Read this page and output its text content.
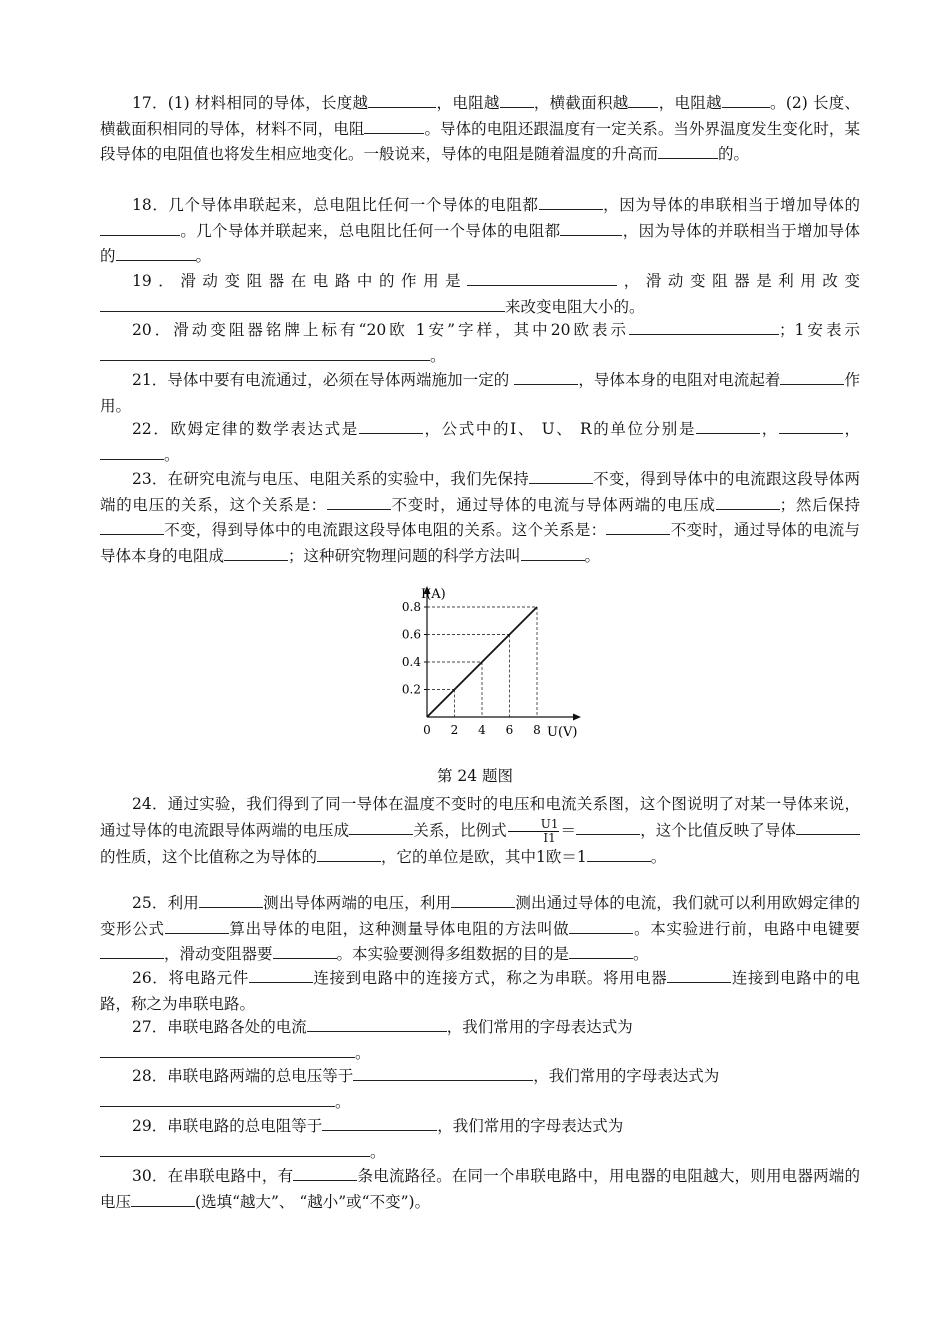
17．(1) 材料相同的导体，长度越	，电阻越 ，横截面积越 ，电阻越	。(2) 长度、横截面积相同的导体，材料不同，电阻	。导体的电阻还跟温度有一定关系。当外界温度发生变化时，某段导体的电阻值也将发生相应地变化。一般说来，导体的电阻是随着温度的升高而	的。
18．几个导体串联起来，总电阻比任何一个导体的电阻都	，因为导体的串联相当于增加导体的。几个导体并联起来，总电阻比任何一个导体的电阻都	，因为导体的并联相当于增加导体的	。
19．滑动变阻器在电路中的作用是	，滑动变阻器是利用改变来改变电阻大小的。
20．滑动变阻器铭牌上标有“20欧 1安”字样，其中20欧表示	；1安表示。
21．导体中要有电流通过，必须在导体两端施加一定的	，导体本身的电阻对电流起着	作用。
22．欧姆定律的数学表达式是	，公式中的I、 U、 R的单位分别是	，	，。
23．在研究电流与电压、电阻关系的实验中，我们先保持	不变，得到导体中的电流跟这段导体两端的电压的关系，这个关系是：	不变时，通过导体的电流与导体两端的电压成	；然后保持不变，得到导体中的电流跟这段导体电阻的关系。这个关系是：	不变时，通过导体的电流与导体本身的电阻成	；这种研究物理问题的科学方法叫	。
0 2 4 6 8
0.2
0.4
0.6
0.8
I(A)
U(V)
第 24 题图
24．通过实验，我们得到了同一导体在温度不变时的电压和电流关系图，这个图说明了对某一导体来说，通过导体的电流跟导体两端的电压成	关系，比例式 $\frac{U1}{I1}$ ＝	，这个比值反映了导体的性质，这个比值称之为导体的	，它的单位是欧，其中1欧＝1	。
25．利用	测出导体两端的电压，利用	测出通过导体的电流，我们就可以利用欧姆定律的变形公式	算出导体的电阻，这种测量导体电阻的方法叫做	。本实验进行前，电路中电键要，滑动变阻器要	。本实验要测得多组数据的目的是	。
26．将电路元件	连接到电路中的连接方式，称之为串联。将用电器	连接到电路中的电路，称之为串联电路。
27．串联电路各处的电流	，我们常用的字母表达式为
。
28．串联电路两端的总电压等于	，我们常用的字母表达式为
。
29．串联电路的总电阻等于	，我们常用的字母表达式为
。
30．在串联电路中，有	条电流路径。在同一个串联电路中，用电器的电阻越大，则用电器两端的电压	(选填“越大”、 “越小”或“不变”)。
